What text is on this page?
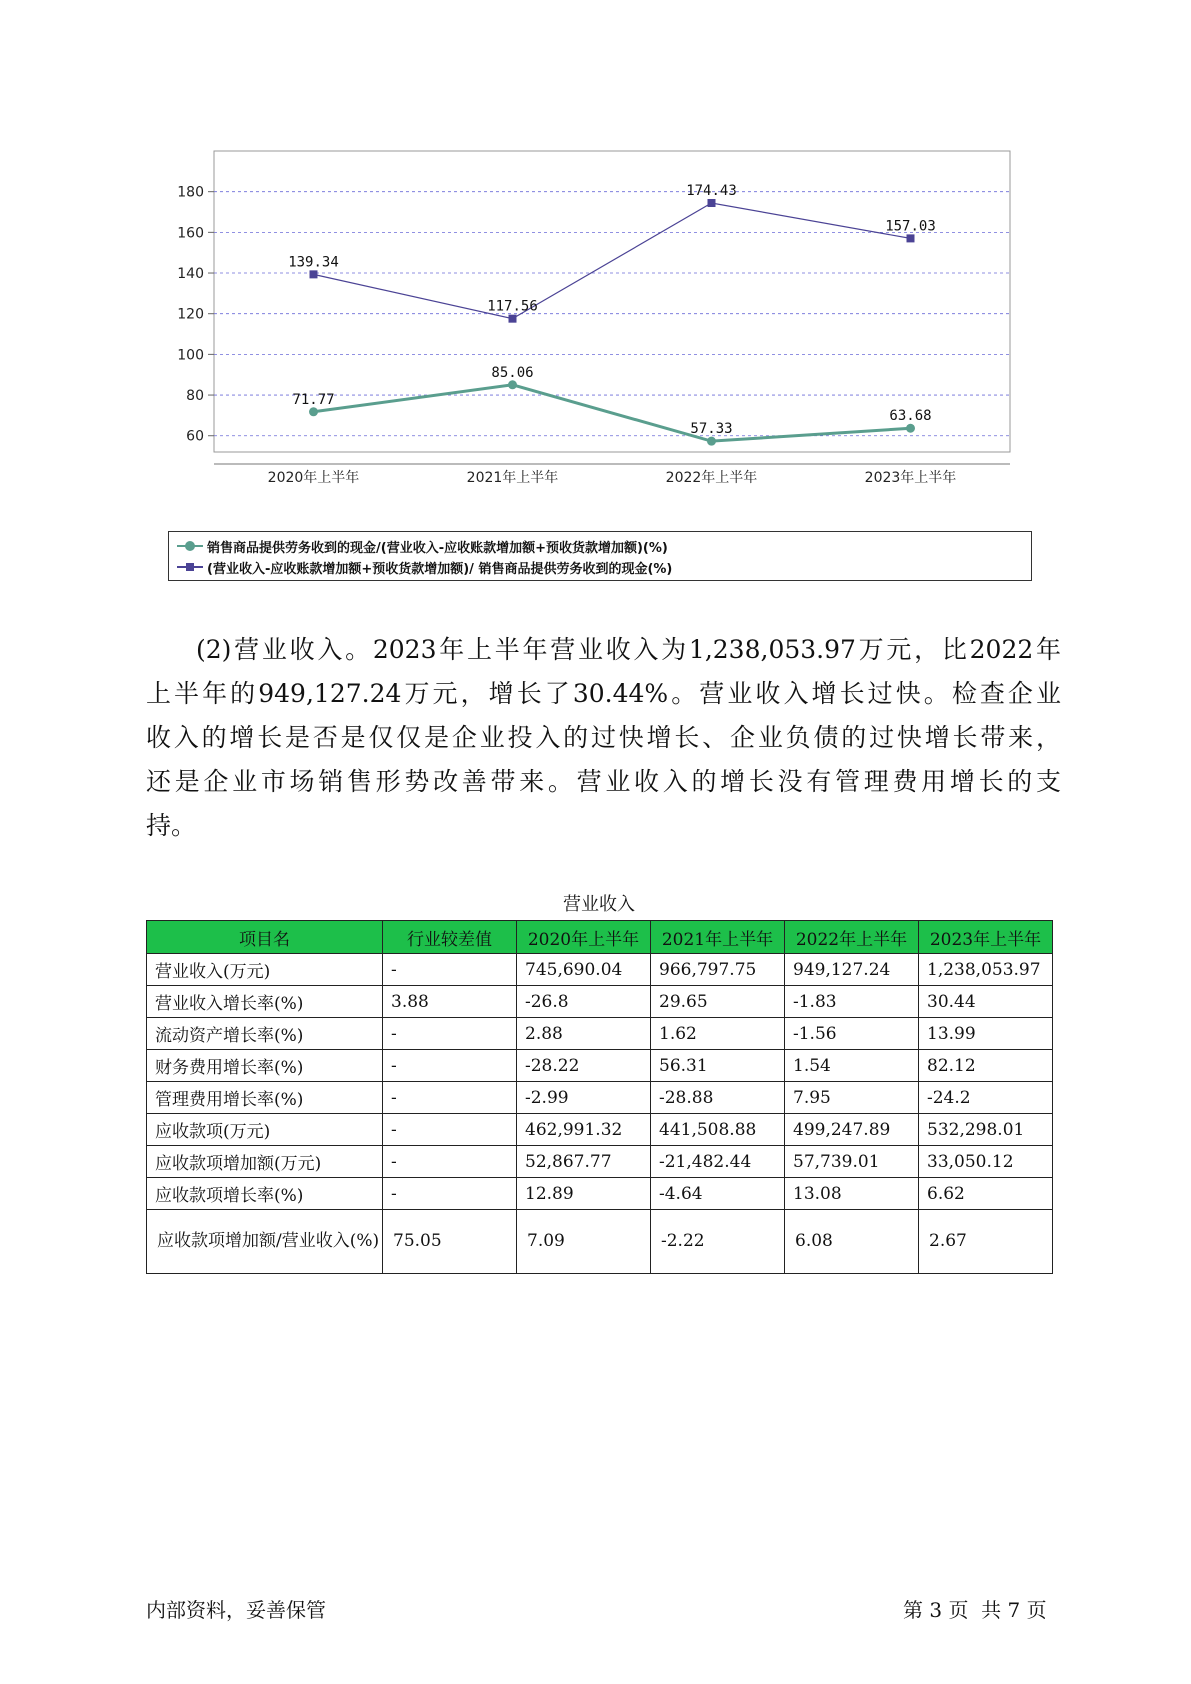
60
80
100
120
140
160
180
2020年上半年	2021年上半年	2022年上半年	2023年上半年
71.77
85.06
57.33
63.68
139.34
117.56
174.43
157.03
销售商品提供劳务收到的现金/(营业收入-应收账款增加额+预收货款增加额)(%)
(营业收入-应收账款增加额+预收货款增加额)/ 销售商品提供劳务收到的现金(%)
(2)营业收入。2023年上半年营业收入为1,238,053.97万元，比2022年
上半年的949,127.24万元，增长了30.44%。营业收入增长过快。检查企业
收入的增长是否是仅仅是企业投入的过快增长、企业负债的过快增长带来，
还是企业市场销售形势改善带来。营业收入的增长没有管理费用增长的支
持。
营业收入
项目名	行业较差值	2020年上半年	2021年上半年	2022年上半年	2023年上半年
营业收入(万元)	-	745,690.04	966,797.75	949,127.24	1,238,053.97
营业收入增长率(%)	3.88	-26.8	29.65	-1.83	30.44
流动资产增长率(%)	-	2.88	1.62	-1.56	13.99
财务费用增长率(%)	-	-28.22	56.31	1.54	82.12
管理费用增长率(%)	-	-2.99	-28.88	7.95	-24.2
应收款项(万元)	-	462,991.32	441,508.88	499,247.89	532,298.01
应收款项增加额(万元)	-	52,867.77	-21,482.44	57,739.01	33,050.12
应收款项增长率(%)	-	12.89	-4.64	13.08	6.62
应收款项增加额/营业收入(%)	75.05	7.09	-2.22	6.08	2.67
内部资料，妥善保管	第 3 页  共 7 页
